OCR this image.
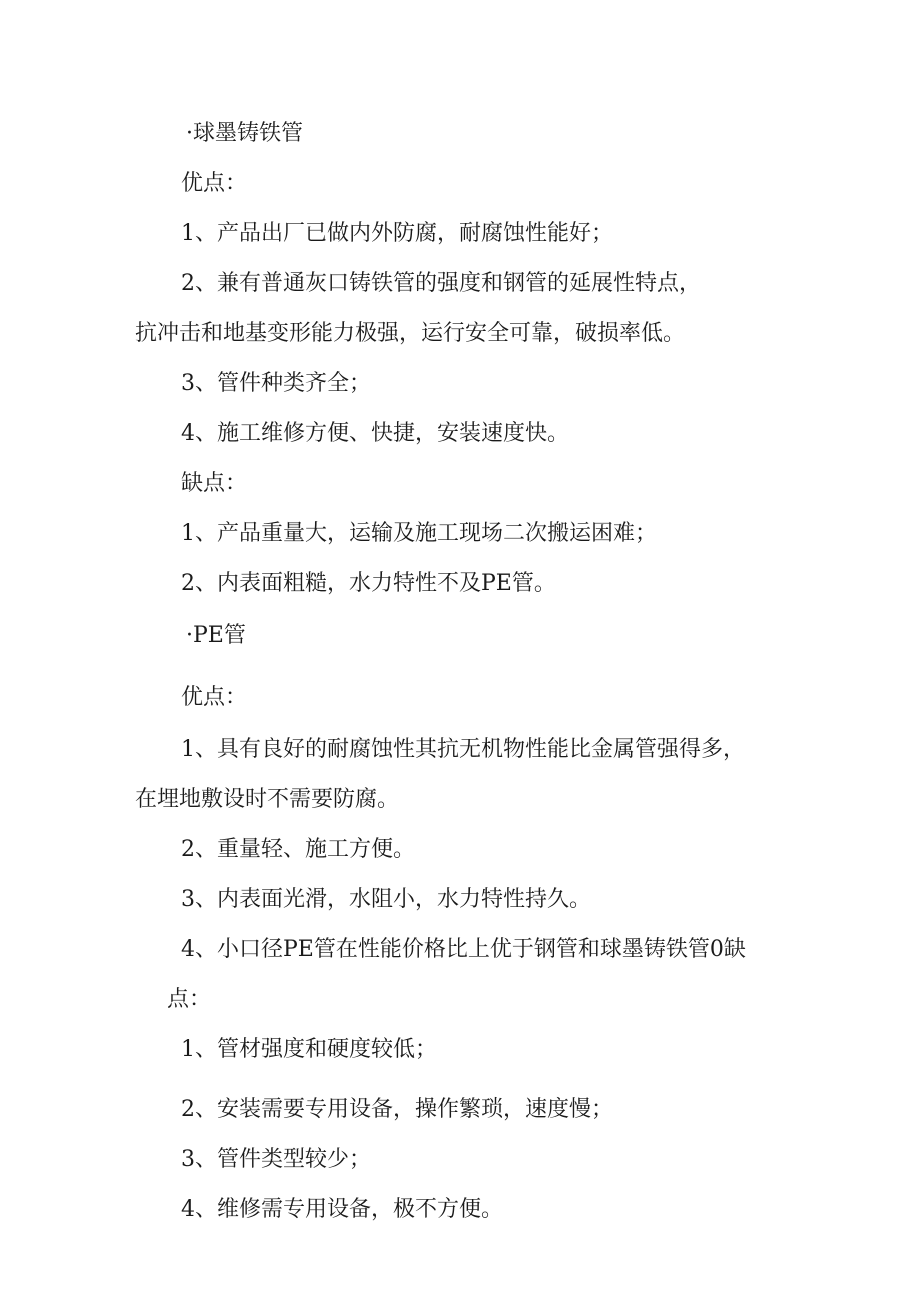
·球墨铸铁管
优点：
1、产品出厂已做内外防腐，耐腐蚀性能好；
2、兼有普通灰口铸铁管的强度和钢管的延展性特点，
抗冲击和地基变形能力极强，运行安全可靠，破损率低。
3、管件种类齐全；
4、施工维修方便、快捷，安装速度快。
缺点：
1、产品重量大，运输及施工现场二次搬运困难；
2、内表面粗糙，水力特性不及PE管。
·PE管
优点：
1、具有良好的耐腐蚀性其抗无机物性能比金属管强得多，
在埋地敷设时不需要防腐。
2、重量轻、施工方便。
3、内表面光滑，水阻小，水力特性持久。
4、小口径PE管在性能价格比上优于钢管和球墨铸铁管0缺
点：
1、管材强度和硬度较低；
2、安装需要专用设备，操作繁琐，速度慢；
3、管件类型较少；
4、维修需专用设备，极不方便。
